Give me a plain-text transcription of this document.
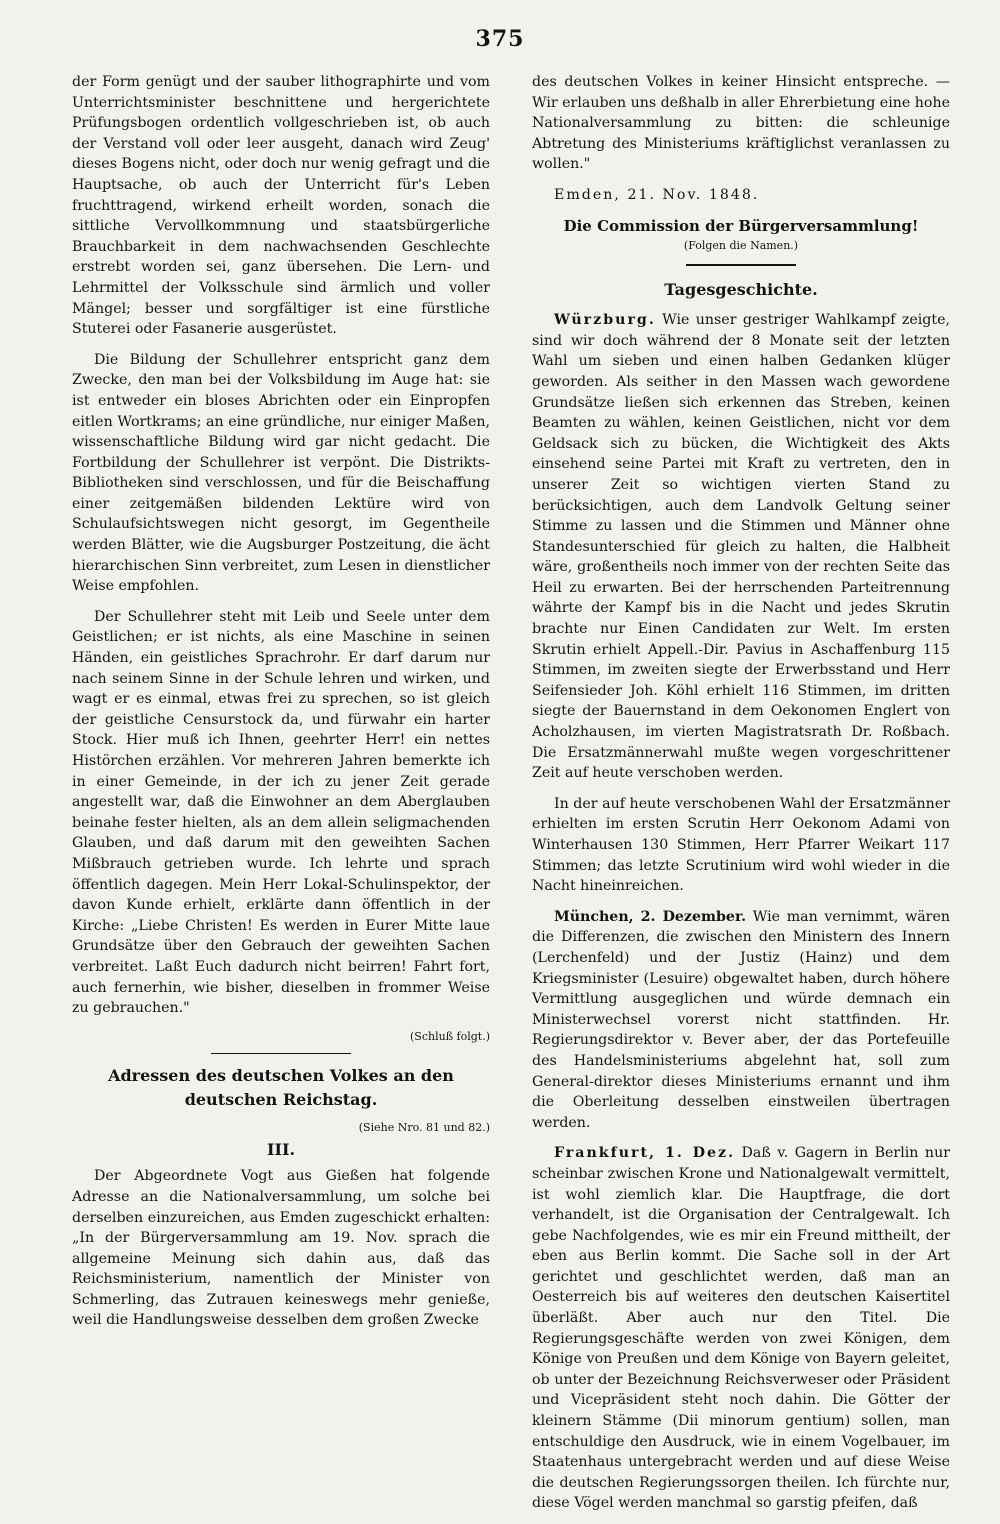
375

der Form genügt und der sauber lithographirte und vom Unterrichtsminister beschnittene und hergerichtete Prüfungsbogen ordentlich vollgeschrieben ist, ob auch der Verstand voll oder leer ausgeht, danach wird Zeug' dieses Bogens nicht, oder doch nur wenig gefragt und die Hauptsache, ob auch der Unterricht für's Leben fruchttragend, wirkend erheilt worden, sonach die sittliche Vervollkommnung und staatsbürgerliche Brauchbarkeit in dem nachwachsenden Geschlechte erstrebt worden sei, ganz übersehen. Die Lern- und Lehrmittel der Volksschule sind ärmlich und voller Mängel; besser und sorgfältiger ist eine fürstliche Stuterei oder Fasanerie ausgerüstet.

Die Bildung der Schullehrer entspricht ganz dem Zwecke, den man bei der Volksbildung im Auge hat: sie ist entweder ein bloses Abrichten oder ein Einpropfen eitlen Wortkrams; an eine gründliche, nur einiger Maßen, wissenschaftliche Bildung wird gar nicht gedacht. Die Fortbildung der Schullehrer ist verpönt. Die Distrikts-Bibliotheken sind verschlossen, und für die Beischaffung einer zeitgemäßen bildenden Lektüre wird von Schulaufsichtswegen nicht gesorgt, im Gegentheile werden Blätter, wie die Augsburger Postzeitung, die ächt hierarchischen Sinn verbreitet, zum Lesen in dienstlicher Weise empfohlen.

Der Schullehrer steht mit Leib und Seele unter dem Geistlichen; er ist nichts, als eine Maschine in seinen Händen, ein geistliches Sprachrohr. Er darf darum nur nach seinem Sinne in der Schule lehren und wirken, und wagt er es einmal, etwas frei zu sprechen, so ist gleich der geistliche Censurstock da, und fürwahr ein harter Stock. Hier muß ich Ihnen, geehrter Herr! ein nettes Histörchen erzählen. Vor mehreren Jahren bemerkte ich in einer Gemeinde, in der ich zu jener Zeit gerade angestellt war, daß die Einwohner an dem Aberglauben beinahe fester hielten, als an dem allein seligmachenden Glauben, und daß darum mit den geweihten Sachen Mißbrauch getrieben wurde. Ich lehrte und sprach öffentlich dagegen. Mein Herr Lokal-Schulinspektor, der davon Kunde erhielt, erklärte dann öffentlich in der Kirche: „Liebe Christen! Es werden in Eurer Mitte laue Grundsätze über den Gebrauch der geweihten Sachen verbreitet. Laßt Euch dadurch nicht beirren! Fahrt fort, auch fernerhin, wie bisher, dieselben in frommer Weise zu gebrauchen."

(Schluß folgt.)
Adressen des deutschen Volkes an den deutschen Reichstag.
(Siehe Nro. 81 und 82.)
III.

Der Abgeordnete Vogt aus Gießen hat folgende Adresse an die Nationalversammlung, um solche bei derselben einzureichen, aus Emden zugeschickt erhalten: „In der Bürgerversammlung am 19. Nov. sprach die allgemeine Meinung sich dahin aus, daß das Reichsministerium, namentlich der Minister von Schmerling, das Zutrauen keineswegs mehr genieße, weil die Handlungsweise desselben dem großen Zwecke

des deutschen Volkes in keiner Hinsicht entspreche. — Wir erlauben uns deßhalb in aller Ehrerbietung eine hohe Nationalversammlung zu bitten: die schleunige Abtretung des Ministeriums kräftiglichst veranlassen zu wollen."

Emden, 21. Nov. 1848.

Die Commission der Bürgerversammlung!
(Folgen die Namen.)
Tagesgeschichte.

Würzburg. Wie unser gestriger Wahlkampf zeigte, sind wir doch während der 8 Monate seit der letzten Wahl um sieben und einen halben Gedanken klüger geworden. Als seither in den Massen wach gewordene Grundsätze ließen sich erkennen das Streben, keinen Beamten zu wählen, keinen Geistlichen, nicht vor dem Geldsack sich zu bücken, die Wichtigkeit des Akts einsehend seine Partei mit Kraft zu vertreten, den in unserer Zeit so wichtigen vierten Stand zu berücksichtigen, auch dem Landvolk Geltung seiner Stimme zu lassen und die Stimmen und Männer ohne Standesunterschied für gleich zu halten, die Halbheit wäre, großentheils noch immer von der rechten Seite das Heil zu erwarten. Bei der herrschenden Parteitrennung währte der Kampf bis in die Nacht und jedes Skrutin brachte nur Einen Candidaten zur Welt. Im ersten Skrutin erhielt Appell.-Dir. Pavius in Aschaffenburg 115 Stimmen, im zweiten siegte der Erwerbsstand und Herr Seifensieder Joh. Köhl erhielt 116 Stimmen, im dritten siegte der Bauernstand in dem Oekonomen Englert von Acholzhausen, im vierten Magistratsrath Dr. Roßbach. Die Ersatzmännerwahl mußte wegen vorgeschrittener Zeit auf heute verschoben werden.

In der auf heute verschobenen Wahl der Ersatzmänner erhielten im ersten Scrutin Herr Oekonom Adami von Winterhausen 130 Stimmen, Herr Pfarrer Weikart 117 Stimmen; das letzte Scrutinium wird wohl wieder in die Nacht hineinreichen.

München, 2. Dezember. Wie man vernimmt, wären die Differenzen, die zwischen den Ministern des Innern (Lerchenfeld) und der Justiz (Hainz) und dem Kriegsminister (Lesuire) obgewaltet haben, durch höhere Vermittlung ausgeglichen und würde demnach ein Ministerwechsel vorerst nicht stattfinden. Hr. Regierungsdirektor v. Bever aber, der das Portefeuille des Handelsministeriums abgelehnt hat, soll zum General-direktor dieses Ministeriums ernannt und ihm die Oberleitung desselben einstweilen übertragen werden.

Frankfurt, 1. Dez. Daß v. Gagern in Berlin nur scheinbar zwischen Krone und Nationalgewalt vermittelt, ist wohl ziemlich klar. Die Hauptfrage, die dort verhandelt, ist die Organisation der Centralgewalt. Ich gebe Nachfolgendes, wie es mir ein Freund mittheilt, der eben aus Berlin kommt. Die Sache soll in der Art gerichtet und geschlichtet werden, daß man an Oesterreich bis auf weiteres den deutschen Kaisertitel überläßt. Aber auch nur den Titel. Die Regierungsgeschäfte werden von zwei Königen, dem Könige von Preußen und dem Könige von Bayern geleitet, ob unter der Bezeichnung Reichsverweser oder Präsident und Vicepräsident steht noch dahin. Die Götter der kleinern Stämme (Dii minorum gentium) sollen, man entschuldige den Ausdruck, wie in einem Vogelbauer, im Staatenhaus untergebracht werden und auf diese Weise die deutschen Regierungssorgen theilen. Ich fürchte nur, diese Vögel werden manchmal so garstig pfeifen, daß
